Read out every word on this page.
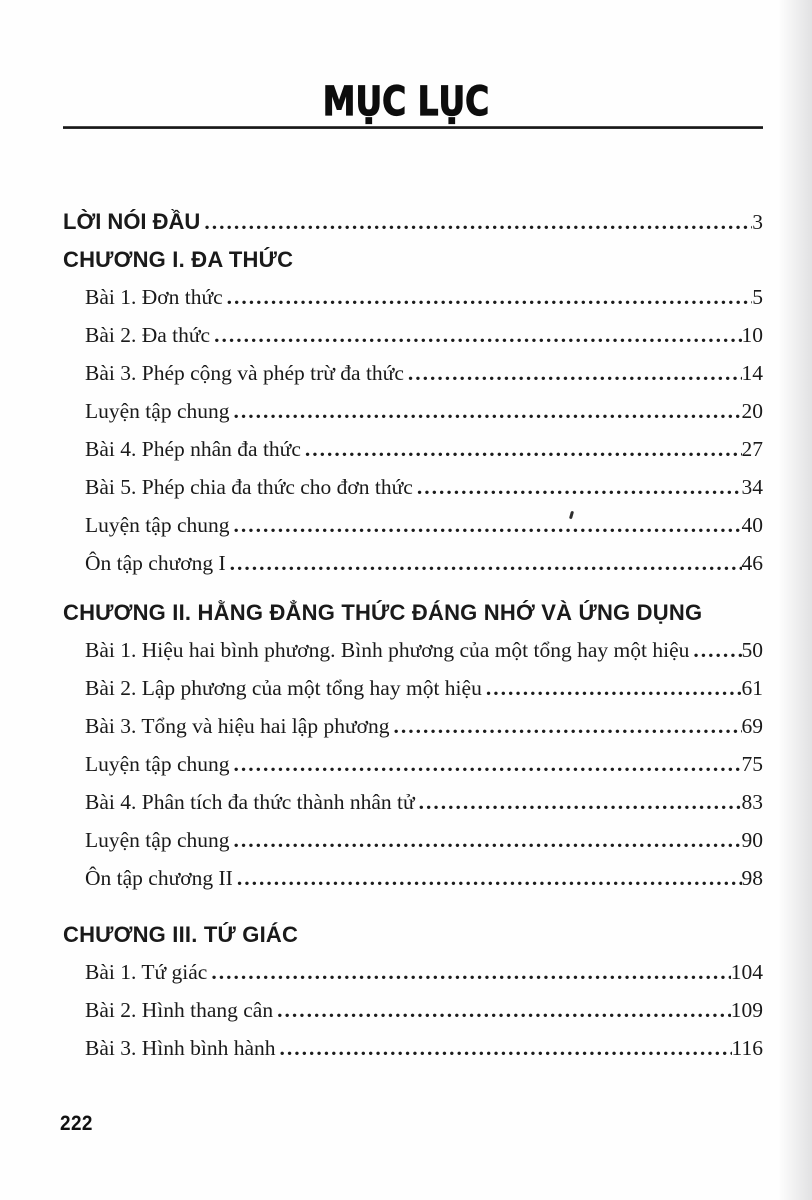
MỤC LỤC
LỜI NÓI ĐẦU .....	3
CHƯƠNG I. ĐA THỨC
Bài 1. Đơn thức .....	5
Bài 2. Đa thức .....	10
Bài 3. Phép cộng và phép trừ đa thức .....	14
Luyện tập chung .....	20
Bài 4. Phép nhân đa thức .....	27
Bài 5. Phép chia đa thức cho đơn thức .....	34
Luyện tập chung .....	40
Ôn tập chương I .....	46
CHƯƠNG II. HẰNG ĐẲNG THỨC ĐÁNG NHỚ VÀ ỨNG DỤNG
Bài 1. Hiệu hai bình phương. Bình phương của một tổng hay một hiệu ..... 50
Bài 2. Lập phương của một tổng hay một hiệu .....	61
Bài 3. Tổng và hiệu hai lập phương .....	69
Luyện tập chung .....	75
Bài 4. Phân tích đa thức thành nhân tử .....	83
Luyện tập chung .....	90
Ôn tập chương II .....	98
CHƯƠNG III. TỨ GIÁC
Bài 1. Tứ giác .....	104
Bài 2. Hình thang cân .....	109
Bài 3. Hình bình hành .....	116
222
